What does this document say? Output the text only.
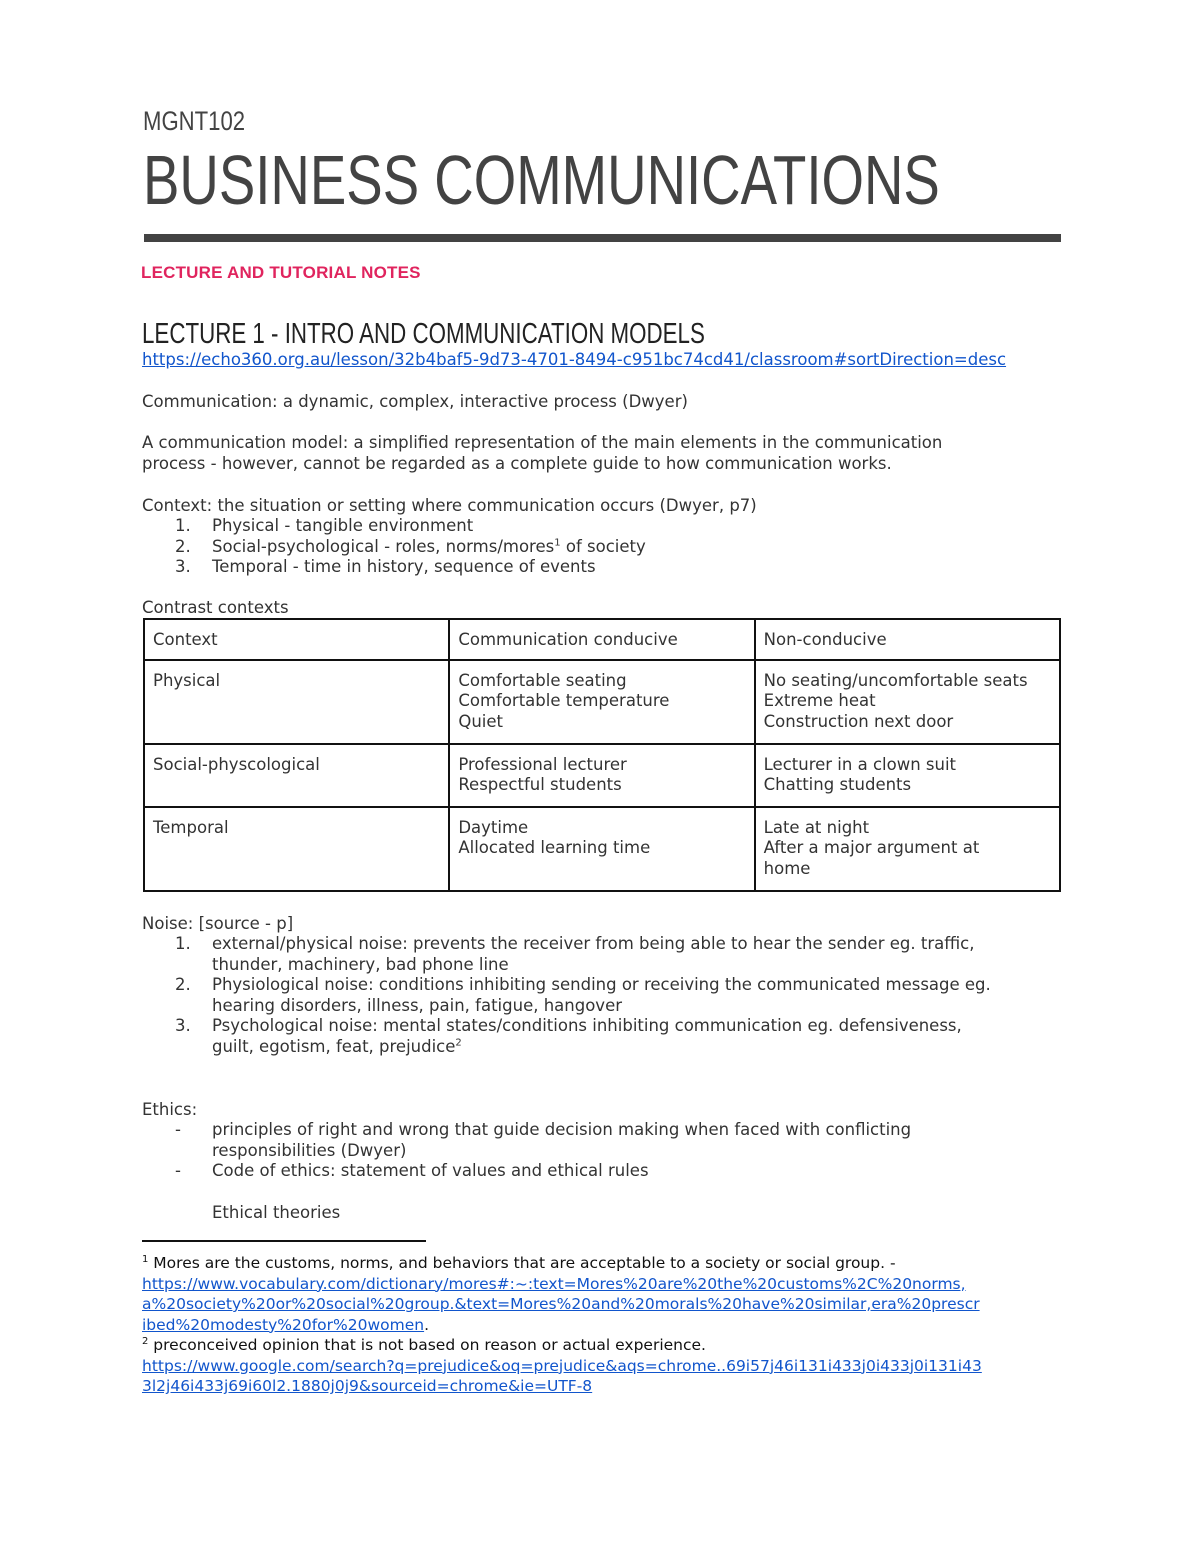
MGNT102
BUSINESS COMMUNICATIONS
LECTURE AND TUTORIAL NOTES
LECTURE 1 - INTRO AND COMMUNICATION MODELS
https://echo360.org.au/lesson/32b4baf5-9d73-4701-8494-c951bc74cd41/classroom#sortDirection=desc
Communication: a dynamic, complex, interactive process (Dwyer)
A communication model: a simplified representation of the main elements in the communication
process - however, cannot be regarded as a complete guide to how communication works.
Context: the situation or setting where communication occurs (Dwyer, p7)
1. Physical - tangible environment
2. Social-psychological - roles, norms/mores$^1$ of society
3. Temporal - time in history, sequence of events
Contrast contexts
Context	Communication conducive	Non-conducive

Physical	Comfortable seating
Comfortable temperature
Quiet	No seating/uncomfortable seats
Extreme heat
Construction next door

Social-physcological	Professional lecturer
Respectful students	Lecturer in a clown suit
Chatting students

Temporal	Daytime
Allocated learning time	Late at night
After a major argument at
home
Noise: [source - p]
1. external/physical noise: prevents the receiver from being able to hear the sender eg. traffic,
thunder, machinery, bad phone line
2. Physiological noise: conditions inhibiting sending or receiving the communicated message eg.
hearing disorders, illness, pain, fatigue, hangover
3. Psychological noise: mental states/conditions inhibiting communication eg. defensiveness,
guilt, egotism, feat, prejudice$^2$
Ethics:
- principles of right and wrong that guide decision making when faced with conflicting
responsibilities (Dwyer)
- Code of ethics: statement of values and ethical rules
Ethical theories
$^1$ Mores are the customs, norms, and behaviors that are acceptable to a society or social group. -
https://www.vocabulary.com/dictionary/mores#:~:text=Mores%20are%20the%20customs%2C%20norms,
a%20society%20or%20social%20group.&text=Mores%20and%20morals%20have%20similar,era%20prescr
ibed%20modesty%20for%20women.
$^2$ preconceived opinion that is not based on reason or actual experience.
https://www.google.com/search?q=prejudice&oq=prejudice&aqs=chrome..69i57j46i131i433j0i433j0i131i43
3l2j46i433j69i60l2.1880j0j9&sourceid=chrome&ie=UTF-8
